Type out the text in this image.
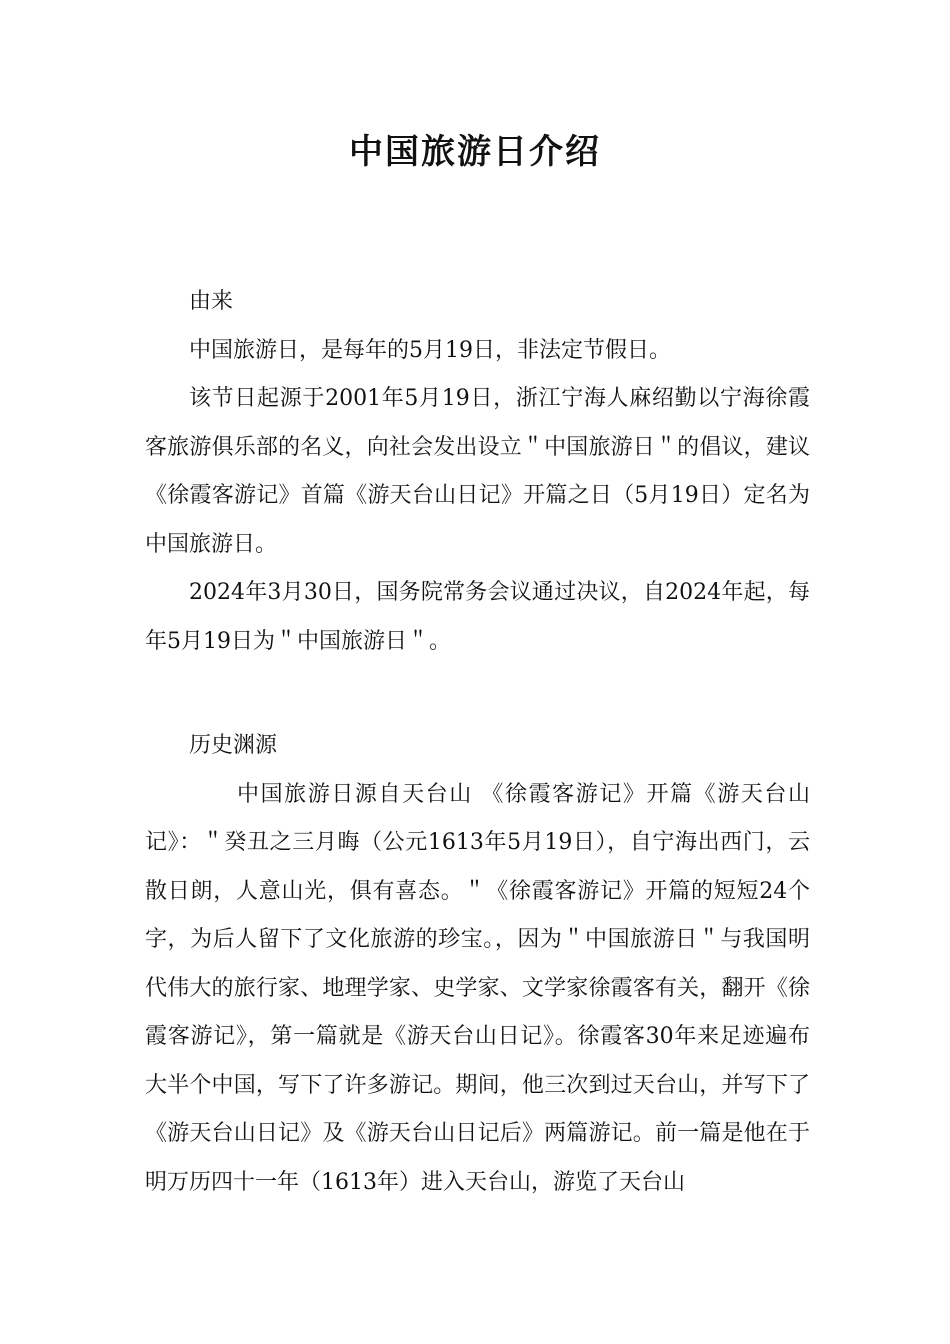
中国旅游日介绍

由来

中国旅游日，是每年的5月19日，非法定节假日。

该节日起源于2001年5月19日，浙江宁海人麻绍勤以宁海徐霞客旅游俱乐部的名义，向社会发出设立＂中国旅游日＂的倡议，建议《徐霞客游记》首篇《游天台山日记》开篇之日（5月19日）定名为中国旅游日。

2024年3月30日，国务院常务会议通过决议，自2024年起，每年5月19日为＂中国旅游日＂。

历史渊源

中国旅游日源自天台山 《徐霞客游记》开篇《游天台山记》：＂癸丑之三月晦（公元1613年5月19日），自宁海出西门，云散日朗，人意山光，俱有喜态。＂《徐霞客游记》开篇的短短24个字，为后人留下了文化旅游的珍宝。，因为＂中国旅游日＂与我国明代伟大的旅行家、地理学家、史学家、文学家徐霞客有关，翻开《徐霞客游记》，第一篇就是《游天台山日记》。徐霞客30年来足迹遍布大半个中国，写下了许多游记。期间，他三次到过天台山，并写下了《游天台山日记》及《游天台山日记后》两篇游记。前一篇是他在于明万历四十一年（1613年）进入天台山，游览了天台山
